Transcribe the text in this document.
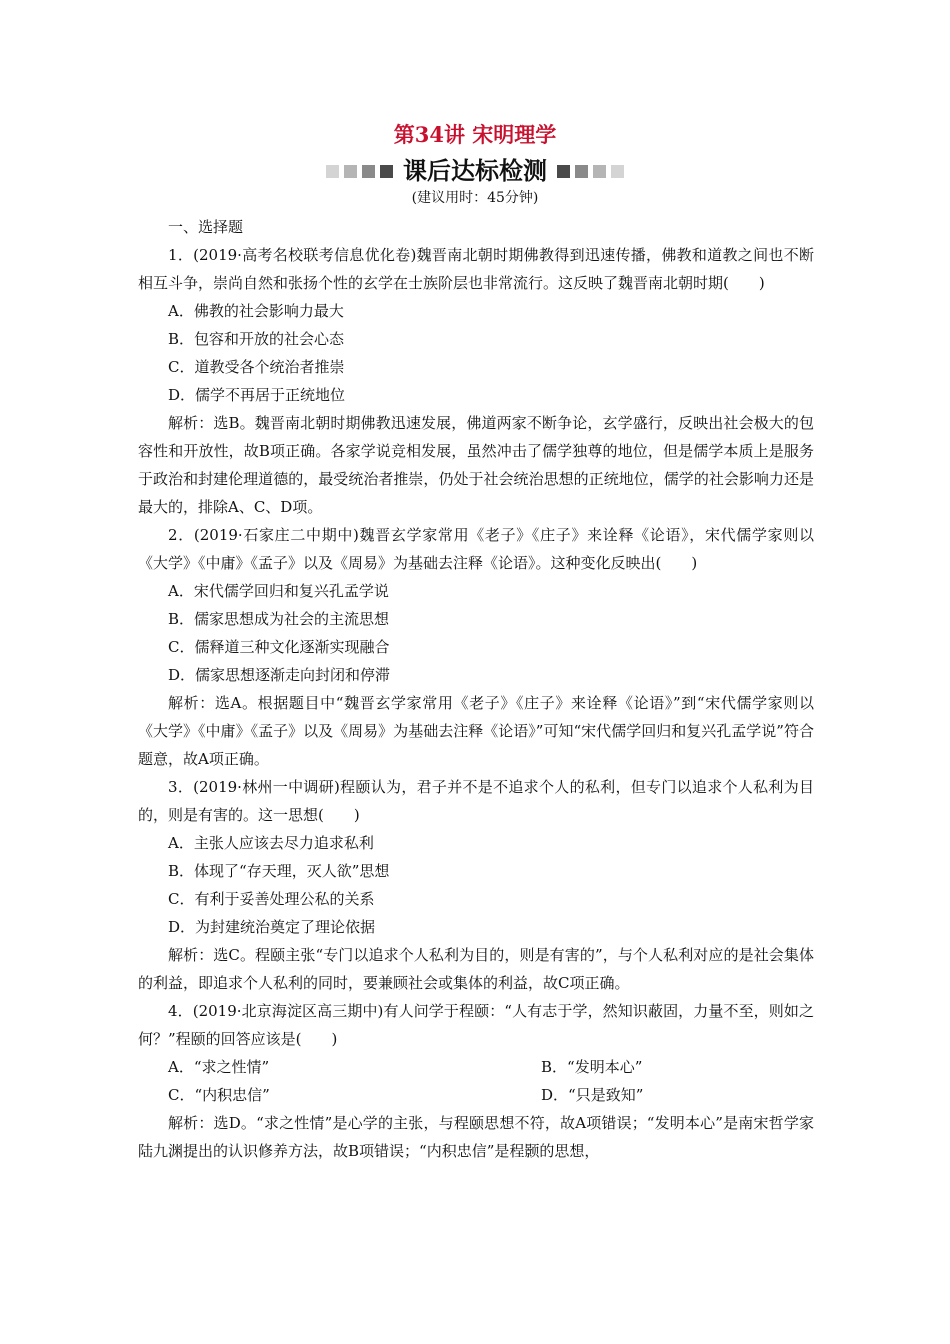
第34讲 宋明理学
课后达标检测
(建议用时：45分钟)
一、选择题
1．(2019·高考名校联考信息优化卷)魏晋南北朝时期佛教得到迅速传播，佛教和道教之间也不断相互斗争，崇尚自然和张扬个性的玄学在士族阶层也非常流行。这反映了魏晋南北朝时期(　　)
A．佛教的社会影响力最大
B．包容和开放的社会心态
C．道教受各个统治者推崇
D．儒学不再居于正统地位
解析：选B。魏晋南北朝时期佛教迅速发展，佛道两家不断争论，玄学盛行，反映出社会极大的包容性和开放性，故B项正确。各家学说竞相发展，虽然冲击了儒学独尊的地位，但是儒学本质上是服务于政治和封建伦理道德的，最受统治者推崇，仍处于社会统治思想的正统地位，儒学的社会影响力还是最大的，排除A、C、D项。
2．(2019·石家庄二中期中)魏晋玄学家常用《老子》《庄子》来诠释《论语》，宋代儒学家则以《大学》《中庸》《孟子》以及《周易》为基础去注释《论语》。这种变化反映出(　　)
A．宋代儒学回归和复兴孔孟学说
B．儒家思想成为社会的主流思想
C．儒释道三种文化逐渐实现融合
D．儒家思想逐渐走向封闭和停滞
解析：选A。根据题目中“魏晋玄学家常用《老子》《庄子》来诠释《论语》”到“宋代儒学家则以《大学》《中庸》《孟子》以及《周易》为基础去注释《论语》”可知“宋代儒学回归和复兴孔孟学说”符合题意，故A项正确。
3．(2019·林州一中调研)程颐认为，君子并不是不追求个人的私利，但专门以追求个人私利为目的，则是有害的。这一思想(　　)
A．主张人应该去尽力追求私利
B．体现了“存天理，灭人欲”思想
C．有利于妥善处理公私的关系
D．为封建统治奠定了理论依据
解析：选C。程颐主张“专门以追求个人私利为目的，则是有害的”，与个人私利对应的是社会集体的利益，即追求个人私利的同时，要兼顾社会或集体的利益，故C项正确。
4．(2019·北京海淀区高三期中)有人问学于程颐：“人有志于学，然知识蔽固，力量不至，则如之何？”程颐的回答应该是(　　)
A．“求之性情”	B．“发明本心”
C．“内积忠信”	D．“只是致知”
解析：选D。“求之性情”是心学的主张，与程颐思想不符，故A项错误；“发明本心”是南宋哲学家陆九渊提出的认识修养方法，故B项错误；“内积忠信”是程颢的思想，
